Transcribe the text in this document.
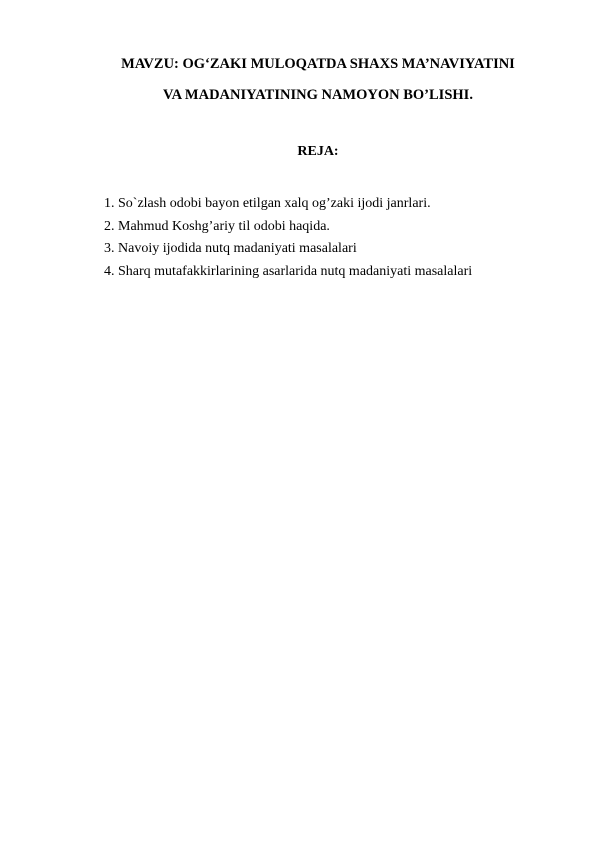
MAVZU: OG‘ZAKI MULOQATDA SHAXS MA’NAVIYATINI
VA MADANIYATINING NAMOYON BO’LISHI.
REJA:
1. So`zlash odobi bayon etilgan xalq og’zaki ijodi janrlari.
2. Mahmud Koshg’ariy til odobi haqida.
3. Navoiy ijodida nutq madaniyati masalalari
4. Sharq mutafakkirlarining asarlarida nutq madaniyati masalalari
